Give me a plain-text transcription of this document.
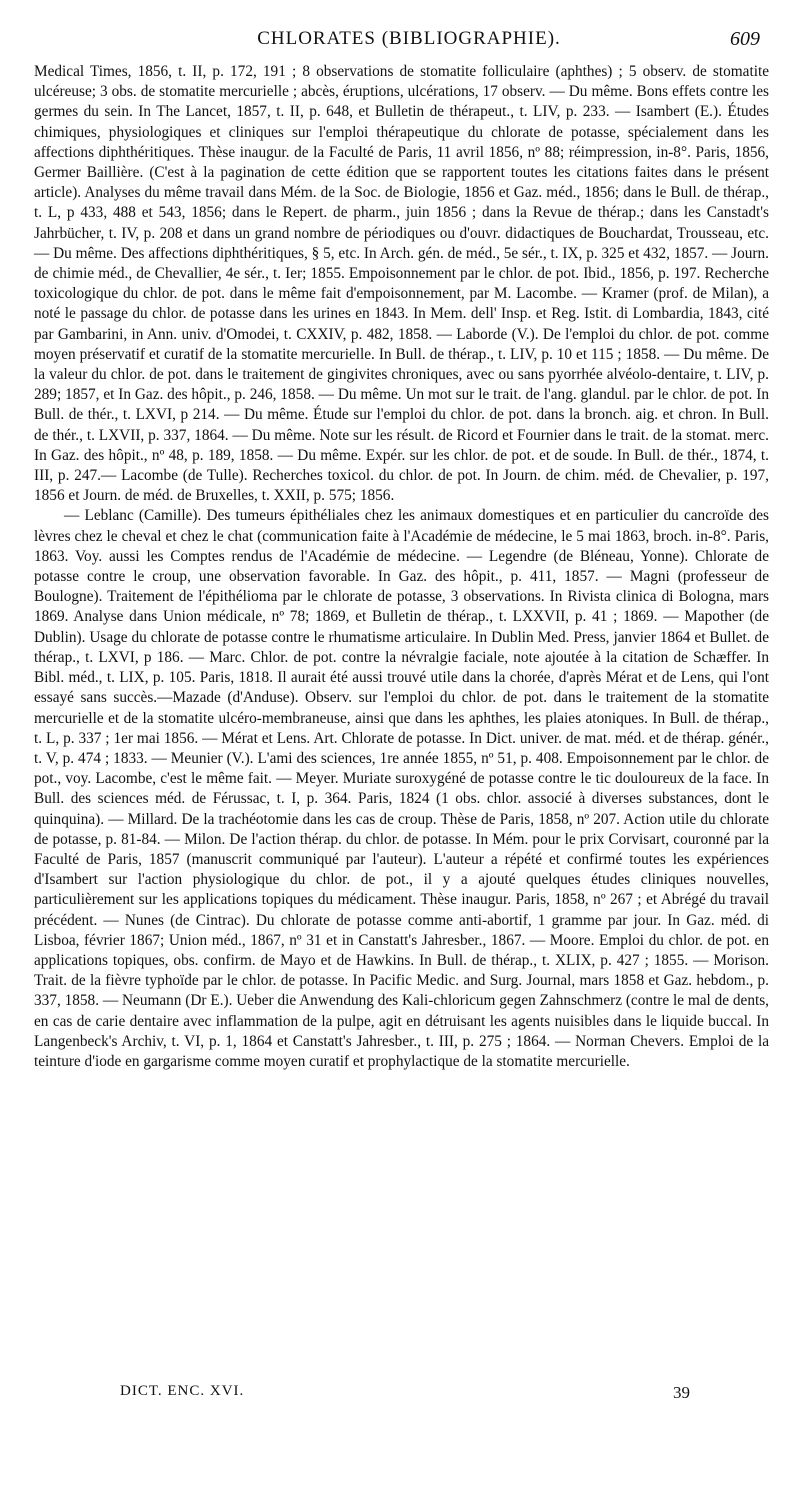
CHLORATES (BIBLIOGRAPHIE).	609

Medical Times, 1856, t. II, p. 172, 191 ; 8 observations de stomatite folliculaire (aphthes) ; 5 observ. de stomatite ulcéreuse; 3 obs. de stomatite mercurielle ; abcès, éruptions, ulcérations, 17 observ. — Du même. Bons effets contre les germes du sein. In The Lancet, 1857, t. II, p. 648, et Bulletin de thérapeut., t. LIV, p. 233. — Isambert (E.). Études chimiques, physiologiques et cliniques sur l'emploi thérapeutique du chlorate de potasse, spécialement dans les affections diphthéritiques. Thèse inaugur. de la Faculté de Paris, 11 avril 1856, nº 88; réimpression, in-8°. Paris, 1856, Germer Baillière. (C'est à la pagination de cette édition que se rapportent toutes les citations faites dans le présent article). Analyses du même travail dans Mém. de la Soc. de Biologie, 1856 et Gaz. méd., 1856; dans le Bull. de thérap., t. L, p 433, 488 et 543, 1856; dans le Repert. de pharm., juin 1856 ; dans la Revue de thérap.; dans les Canstadt's Jahrbücher, t. IV, p. 208 et dans un grand nombre de périodiques ou d'ouvr. didactiques de Bouchardat, Trousseau, etc.— Du même. Des affections diphthéritiques, § 5, etc. In Arch. gén. de méd., 5e sér., t. IX, p. 325 et 432, 1857. — Journ. de chimie méd., de Chevallier, 4e sér., t. Ier; 1855. Empoisonnement par le chlor. de pot. Ibid., 1856, p. 197. Recherche toxicologique du chlor. de pot. dans le même fait d'empoisonnement, par M. Lacombe. — Kramer (prof. de Milan), a noté le passage du chlor. de potasse dans les urines en 1843. In Mem. dell' Insp. et Reg. Istit. di Lombardia, 1843, cité par Gambarini, in Ann. univ. d'Omodei, t. CXXIV, p. 482, 1858. — Laborde (V.). De l'emploi du chlor. de pot. comme moyen préservatif et curatif de la stomatite mercurielle. In Bull. de thérap., t. LIV, p. 10 et 115 ; 1858. — Du même. De la valeur du chlor. de pot. dans le traitement de gingivites chroniques, avec ou sans pyorrhée alvéolo-dentaire, t. LIV, p. 289; 1857, et In Gaz. des hôpit., p. 246, 1858. — Du même. Un mot sur le trait. de l'ang. glandul. par le chlor. de pot. In Bull. de thér., t. LXVI, p 214. — Du même. Étude sur l'emploi du chlor. de pot. dans la bronch. aig. et chron. In Bull. de thér., t. LXVII, p. 337, 1864. — Du même. Note sur les résult. de Ricord et Fournier dans le trait. de la stomat. merc. In Gaz. des hôpit., nº 48, p. 189, 1858. — Du même. Expér. sur les chlor. de pot. et de soude. In Bull. de thér., 1874, t. III, p. 247.— Lacombe (de Tulle). Recherches toxicol. du chlor. de pot. In Journ. de chim. méd. de Chevalier, p. 197, 1856 et Journ. de méd. de Bruxelles, t. XXII, p. 575; 1856.

— Leblanc (Camille). Des tumeurs épithéliales chez les animaux domestiques et en particulier du cancroïde des lèvres chez le cheval et chez le chat (communication faite à l'Académie de médecine, le 5 mai 1863, broch. in-8°. Paris, 1863. Voy. aussi les Comptes rendus de l'Académie de médecine. — Legendre (de Bléneau, Yonne). Chlorate de potasse contre le croup, une observation favorable. In Gaz. des hôpit., p. 411, 1857. — Magni (professeur de Boulogne). Traitement de l'épithélioma par le chlorate de potasse, 3 observations. In Rivista clinica di Bologna, mars 1869. Analyse dans Union médicale, nº 78; 1869, et Bulletin de thérap., t. LXXVII, p. 41 ; 1869. — Mapother (de Dublin). Usage du chlorate de potasse contre le rhumatisme articulaire. In Dublin Med. Press, janvier 1864 et Bullet. de thérap., t. LXVI, p 186. — Marc. Chlor. de pot. contre la névralgie faciale, note ajoutée à la citation de Schæffer. In Bibl. méd., t. LIX, p. 105. Paris, 1818. Il aurait été aussi trouvé utile dans la chorée, d'après Mérat et de Lens, qui l'ont essayé sans succès.—Mazade (d'Anduse). Observ. sur l'emploi du chlor. de pot. dans le traitement de la stomatite mercurielle et de la stomatite ulcéro-membraneuse, ainsi que dans les aphthes, les plaies atoniques. In Bull. de thérap., t. L, p. 337 ; 1er mai 1856. — Mérat et Lens. Art. Chlorate de potasse. In Dict. univer. de mat. méd. et de thérap. génér., t. V, p. 474 ; 1833. — Meunier (V.). L'ami des sciences, 1re année 1855, nº 51, p. 408. Empoisonnement par le chlor. de pot., voy. Lacombe, c'est le même fait. — Meyer. Muriate suroxygéné de potasse contre le tic douloureux de la face. In Bull. des sciences méd. de Férussac, t. I, p. 364. Paris, 1824 (1 obs. chlor. associé à diverses substances, dont le quinquina). — Millard. De la trachéotomie dans les cas de croup. Thèse de Paris, 1858, nº 207. Action utile du chlorate de potasse, p. 81-84. — Milon. De l'action thérap. du chlor. de potasse. In Mém. pour le prix Corvisart, couronné par la Faculté de Paris, 1857 (manuscrit communiqué par l'auteur). L'auteur a répété et confirmé toutes les expériences d'Isambert sur l'action physiologique du chlor. de pot., il y a ajouté quelques études cliniques nouvelles, particulièrement sur les applications topiques du médicament. Thèse inaugur. Paris, 1858, nº 267 ; et Abrégé du travail précédent. — Nunes (de Cintrac). Du chlorate de potasse comme anti-abortif, 1 gramme par jour. In Gaz. méd. di Lisboa, février 1867; Union méd., 1867, nº 31 et in Canstatt's Jahresber., 1867. — Moore. Emploi du chlor. de pot. en applications topiques, obs. confirm. de Mayo et de Hawkins. In Bull. de thérap., t. XLIX, p. 427 ; 1855. — Morison. Trait. de la fièvre typhoïde par le chlor. de potasse. In Pacific Medic. and Surg. Journal, mars 1858 et Gaz. hebdom., p. 337, 1858. — Neumann (Dr E.). Ueber die Anwendung des Kali-chloricum gegen Zahnschmerz (contre le mal de dents, en cas de carie dentaire avec inflammation de la pulpe, agit en détruisant les agents nuisibles dans le liquide buccal. In Langenbeck's Archiv, t. VI, p. 1, 1864 et Canstatt's Jahresber., t. III, p. 275 ; 1864. — Norman Chevers. Emploi de la teinture d'iode en gargarisme comme moyen curatif et prophylactique de la stomatite mercurielle.

DICT. ENC. XVI.	39
